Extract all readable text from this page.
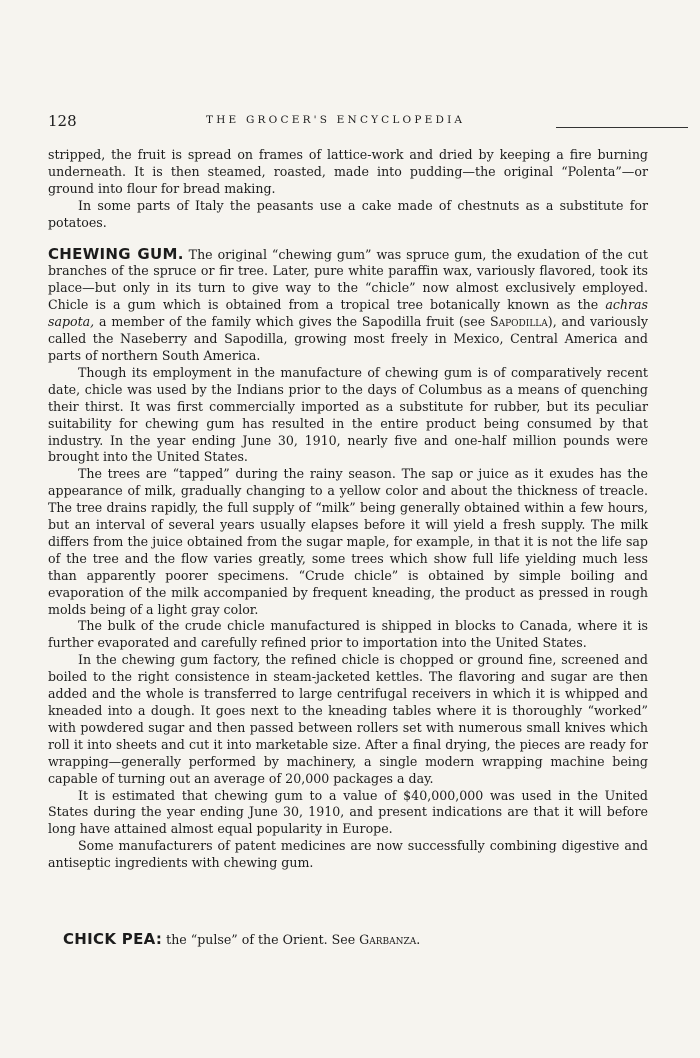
128	THE GROCER'S ENCYCLOPEDIA

stripped, the fruit is spread on frames of lattice-work and dried by keeping a fire burning underneath. It is then steamed, roasted, made into pudding—the original “Polenta”—or ground into flour for bread making.

In some parts of Italy the peasants use a cake made of chestnuts as a substitute for potatoes.

CHEWING GUM. The original “chewing gum” was spruce gum, the exudation of the cut branches of the spruce or fir tree. Later, pure white paraffin wax, variously flavored, took its place—but only in its turn to give way to the “chicle” now almost exclusively employed. Chicle is a gum which is obtained from a tropical tree botanically known as the achras sapota, a member of the family which gives the Sapodilla fruit (see Sapodilla), and variously called the Naseberry and Sapodilla, growing most freely in Mexico, Central America and parts of northern South America.

Though its employment in the manufacture of chewing gum is of comparatively recent date, chicle was used by the Indians prior to the days of Columbus as a means of quenching their thirst. It was first commercially imported as a substitute for rubber, but its peculiar suitability for chewing gum has resulted in the entire product being consumed by that industry. In the year ending June 30, 1910, nearly five and one-half million pounds were brought into the United States.

The trees are “tapped” during the rainy season. The sap or juice as it exudes has the appearance of milk, gradually changing to a yellow color and about the thickness of treacle. The tree drains rapidly, the full supply of “milk” being generally obtained within a few hours, but an interval of several years usually elapses before it will yield a fresh supply. The milk differs from the juice obtained from the sugar maple, for example, in that it is not the life sap of the tree and the flow varies greatly, some trees which show full life yielding much less than apparently poorer specimens. “Crude chicle” is obtained by simple boiling and evaporation of the milk accompanied by frequent kneading, the product as pressed in rough molds being of a light gray color.

The bulk of the crude chicle manufactured is shipped in blocks to Canada, where it is further evaporated and carefully refined prior to importation into the United States.

In the chewing gum factory, the refined chicle is chopped or ground fine, screened and boiled to the right consistence in steam-jacketed kettles. The flavoring and sugar are then added and the whole is transferred to large centrifugal receivers in which it is whipped and kneaded into a dough. It goes next to the kneading tables where it is thoroughly “worked” with powdered sugar and then passed between rollers set with numerous small knives which roll it into sheets and cut it into marketable size. After a final drying, the pieces are ready for wrapping—generally performed by machinery, a single modern wrapping machine being capable of turning out an average of 20,000 packages a day.

It is estimated that chewing gum to a value of $40,000,000 was used in the United States during the year ending June 30, 1910, and present indications are that it will before long have attained almost equal popularity in Europe.

Some manufacturers of patent medicines are now successfully combining digestive and antiseptic ingredients with chewing gum.

CHICK PEA: the “pulse” of the Orient. See Garbanza.
